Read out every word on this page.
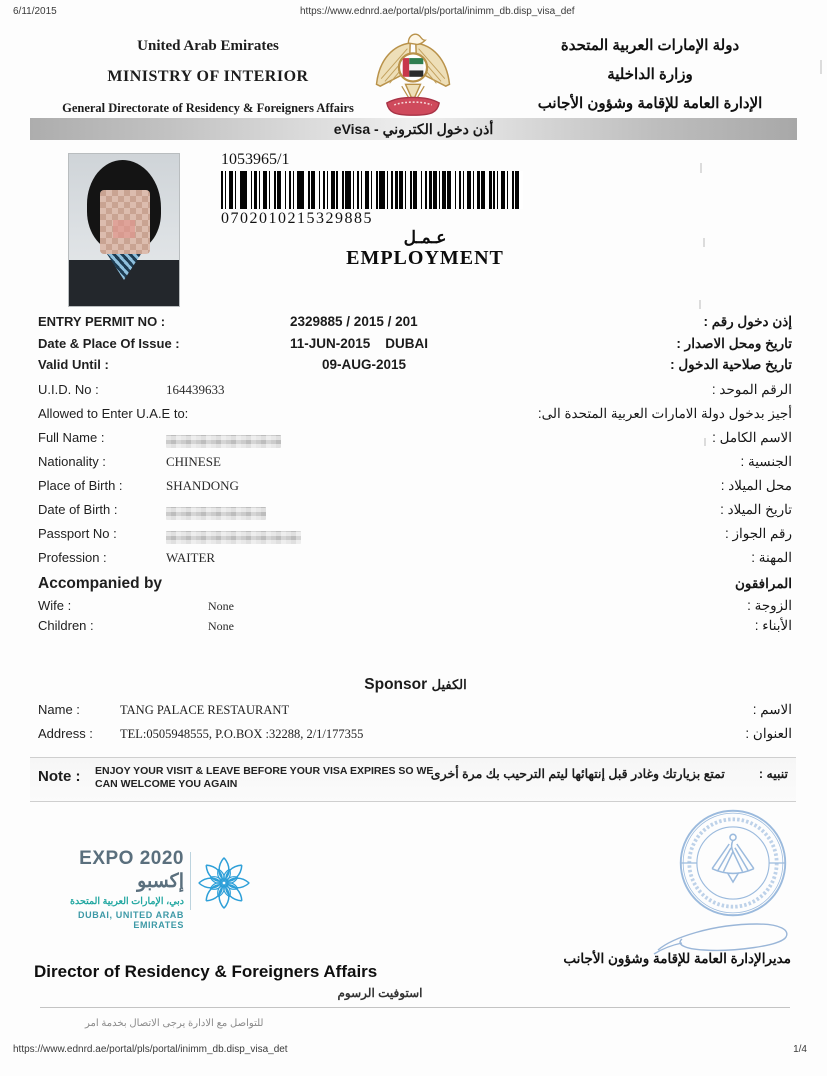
6/11/2015	https://www.ednrd.ae/portal/pls/portal/inimm_db.disp_visa_def
United Arab Emirates
MINISTRY OF INTERIOR
General Directorate of Residency & Foreigners Affairs
دولة الإمارات العربية المتحدة
وزارة الداخلية
الإدارة العامة للإقامة وشؤون الأجانب
أذن دخول الكتروني - eVisa
1053965/1
0702010215329885
عـمـل
EMPLOYMENT
ENTRY PERMIT NO :	2329885 / 2015 / 201	إذن دخول رقم :
Date & Place Of Issue :	11-JUN-2015    DUBAI	تاريخ ومحل الاصدار :
Valid Until :	09-AUG-2015	تاريخ صلاحية الدخول :
U.I.D. No :	164439633	الرقم الموحد :
Allowed to Enter U.A.E to:	أجيز بدخول دولة الامارات العربية المتحدة الى:
Full Name :	الاسم الكامل :
Nationality :	CHINESE	الجنسية :
Place of Birth :	SHANDONG	محل الميلاد :
Date of Birth :	تاريخ الميلاد :
Passport No :	رقم الجواز :
Profession :	WAITER	المهنة :
Accompanied by	المرافقون
Wife :	None	الزوجة :
Children :	None	الأبناء :
Sponsor الكفيل
Name :	TANG PALACE RESTAURANT	الاسم :
Address :	TEL:0505948555, P.O.BOX :32288, 2/1/177355	العنوان :
Note : ENJOY YOUR VISIT & LEAVE BEFORE YOUR VISA EXPIRES SO WE CAN WELCOME YOU AGAIN
تنبيه :
تمتع بزيارتك وغادر قبل إنتهائها ليتم الترحيب بك مرة أخرى
EXPO 2020 إكسبو
دبي، الإمارات العربية المتحدة
DUBAI, UNITED ARAB EMIRATES
مديرالإدارة العامة للإقامة وشؤون الأجانب
Director of Residency & Foreigners Affairs
استوفيت الرسوم
للتواصل مع الادارة يرجى الاتصال بخدمة امر
https://www.ednrd.ae/portal/pls/portal/inimm_db.disp_visa_det	1/4
